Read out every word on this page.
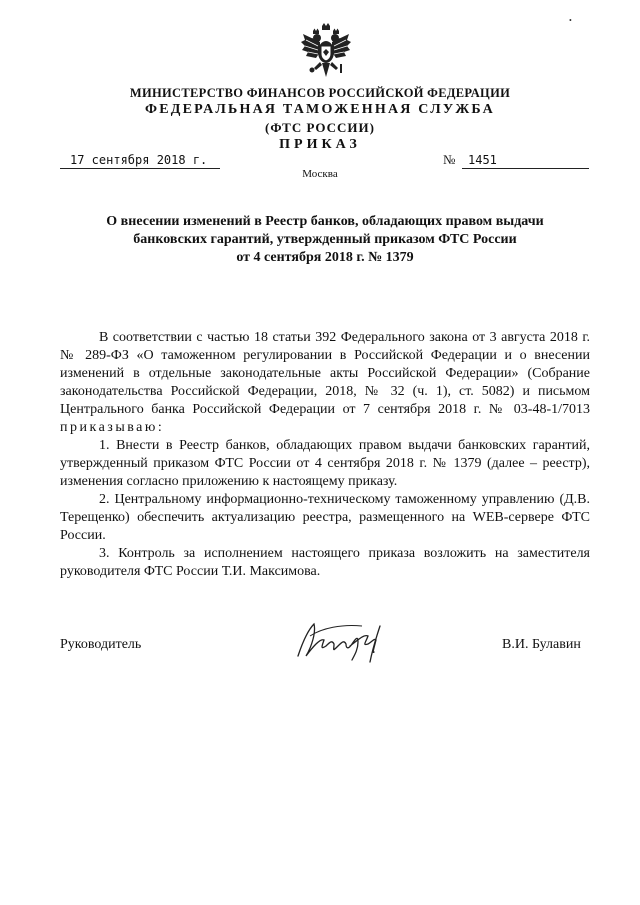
•
МИНИСТЕРСТВО ФИНАНСОВ РОССИЙСКОЙ ФЕДЕРАЦИИ
ФЕДЕРАЛЬНАЯ ТАМОЖЕННАЯ СЛУЖБА
(ФТС РОССИИ)
ПРИКАЗ
17 сентября 2018 г.	№ 1451
Москва
О внесении изменений в Реестр банков, обладающих правом выдачи
банковских гарантий, утвержденный приказом ФТС России
от 4 сентября 2018 г. № 1379

В соответствии с частью 18 статьи 392 Федерального закона от 3 августа 2018 г. № 289-ФЗ «О таможенном регулировании в Российской Федерации и о внесении изменений в отдельные законодательные акты Российской Федерации» (Собрание законодательства Российской Федерации, 2018, № 32 (ч. 1), ст. 5082) и письмом Центрального банка Российской Федерации от 7 сентября 2018 г. № 03-48-1/7013 приказываю:

1. Внести в Реестр банков, обладающих правом выдачи банковских гарантий, утвержденный приказом ФТС России от 4 сентября 2018 г. № 1379 (далее – реестр), изменения согласно приложению к настоящему приказу.

2. Центральному информационно-техническому таможенному управлению (Д.В. Терещенко) обеспечить актуализацию реестра, размещенного на WEB-сервере ФТС России.

3. Контроль за исполнением настоящего приказа возложить на заместителя руководителя ФТС России Т.И. Максимова.

Руководитель	В.И. Булавин
